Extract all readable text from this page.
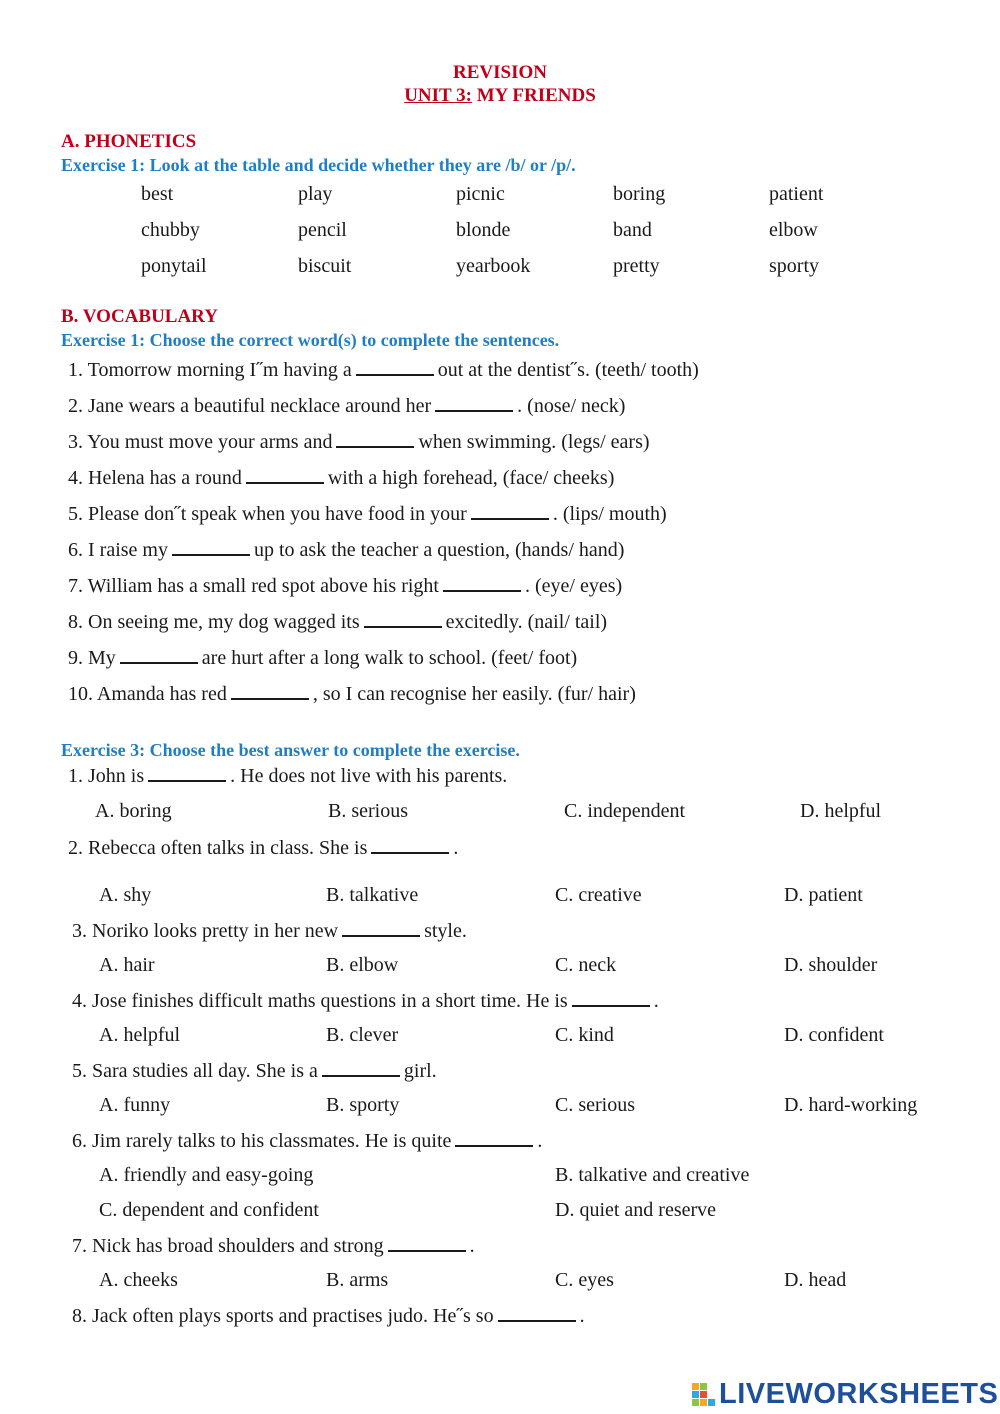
REVISION
UNIT 3: MY FRIENDS
A. PHONETICS
Exercise 1: Look at the table and decide whether they are /b/ or /p/.
best	play	picnic	boring	patient
chubby	pencil	blonde	band	elbow
ponytail	biscuit	yearbook	pretty	sporty
B. VOCABULARY
Exercise 1: Choose the correct word(s) to complete the sentences.
1. Tomorrow morning I˝m having a	out at the dentist˝s. (teeth/ tooth)
2. Jane wears a beautiful necklace around her	. (nose/ neck)
3. You must move your arms and	when swimming. (legs/ ears)
4. Helena has a round	with a high forehead, (face/ cheeks)
5. Please don˝t speak when you have food in your	. (lips/ mouth)
6. I raise my	up to ask the teacher a question, (hands/ hand)
7. William has a small red spot above his right	. (eye/ eyes)
8. On seeing me, my dog wagged its	excitedly. (nail/ tail)
9. My	are hurt after a long walk to school. (feet/ foot)
10. Amanda has red	, so I can recognise her easily. (fur/ hair)
Exercise 3: Choose the best answer to complete the exercise.
1. John is	. He does not live with his parents.
A. boring	B. serious	C. independent	D. helpful
2. Rebecca often talks in class. She is	.
A. shy	B. talkative	C. creative	D. patient
3. Noriko looks pretty in her new	style.
A. hair	B. elbow	C. neck	D. shoulder
4. Jose finishes difficult maths questions in a short time. He is	.
A. helpful	B. clever	C. kind	D. confident
5. Sara studies all day. She is a	girl.
A. funny	B. sporty	C. serious	D. hard-working
6. Jim rarely talks to his classmates. He is quite	.
A. friendly and easy-going	B. talkative and creative
C. dependent and confident	D. quiet and reserve
7. Nick has broad shoulders and strong	.
A. cheeks	B. arms	C. eyes	D. head
8. Jack often plays sports and practises judo. He˝s so	.
LIVEWORKSHEETS
